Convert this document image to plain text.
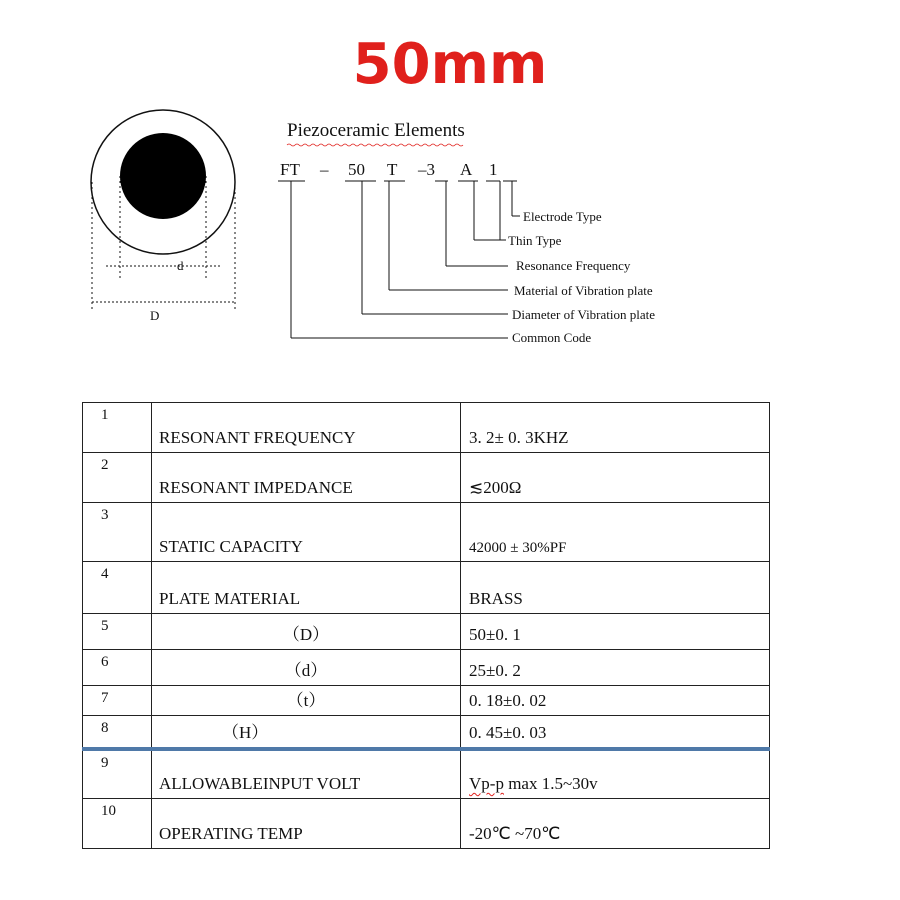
50mm
Piezoceramic Elements
FT – 50 T –3 A 1
Electrode Type
Thin Type
Resonance Frequency
Material of Vibration plate
Diameter of Vibration plate
Common Code
d
D
1	RESONANT FREQUENCY	3. 2± 0. 3KHZ
2	RESONANT IMPEDANCE	≲200Ω
3	STATIC CAPACITY	42000 ± 30%PF
4	PLATE MATERIAL	BRASS
5	（D）	50±0. 1
6	（d）	25±0. 2
7	（t）	0. 18±0. 02
8	（H）	0. 45±0. 03
9	ALLOWABLEINPUT VOLT	Vp-p max 1.5~30v
10	OPERATING TEMP	-20℃ ~70℃
